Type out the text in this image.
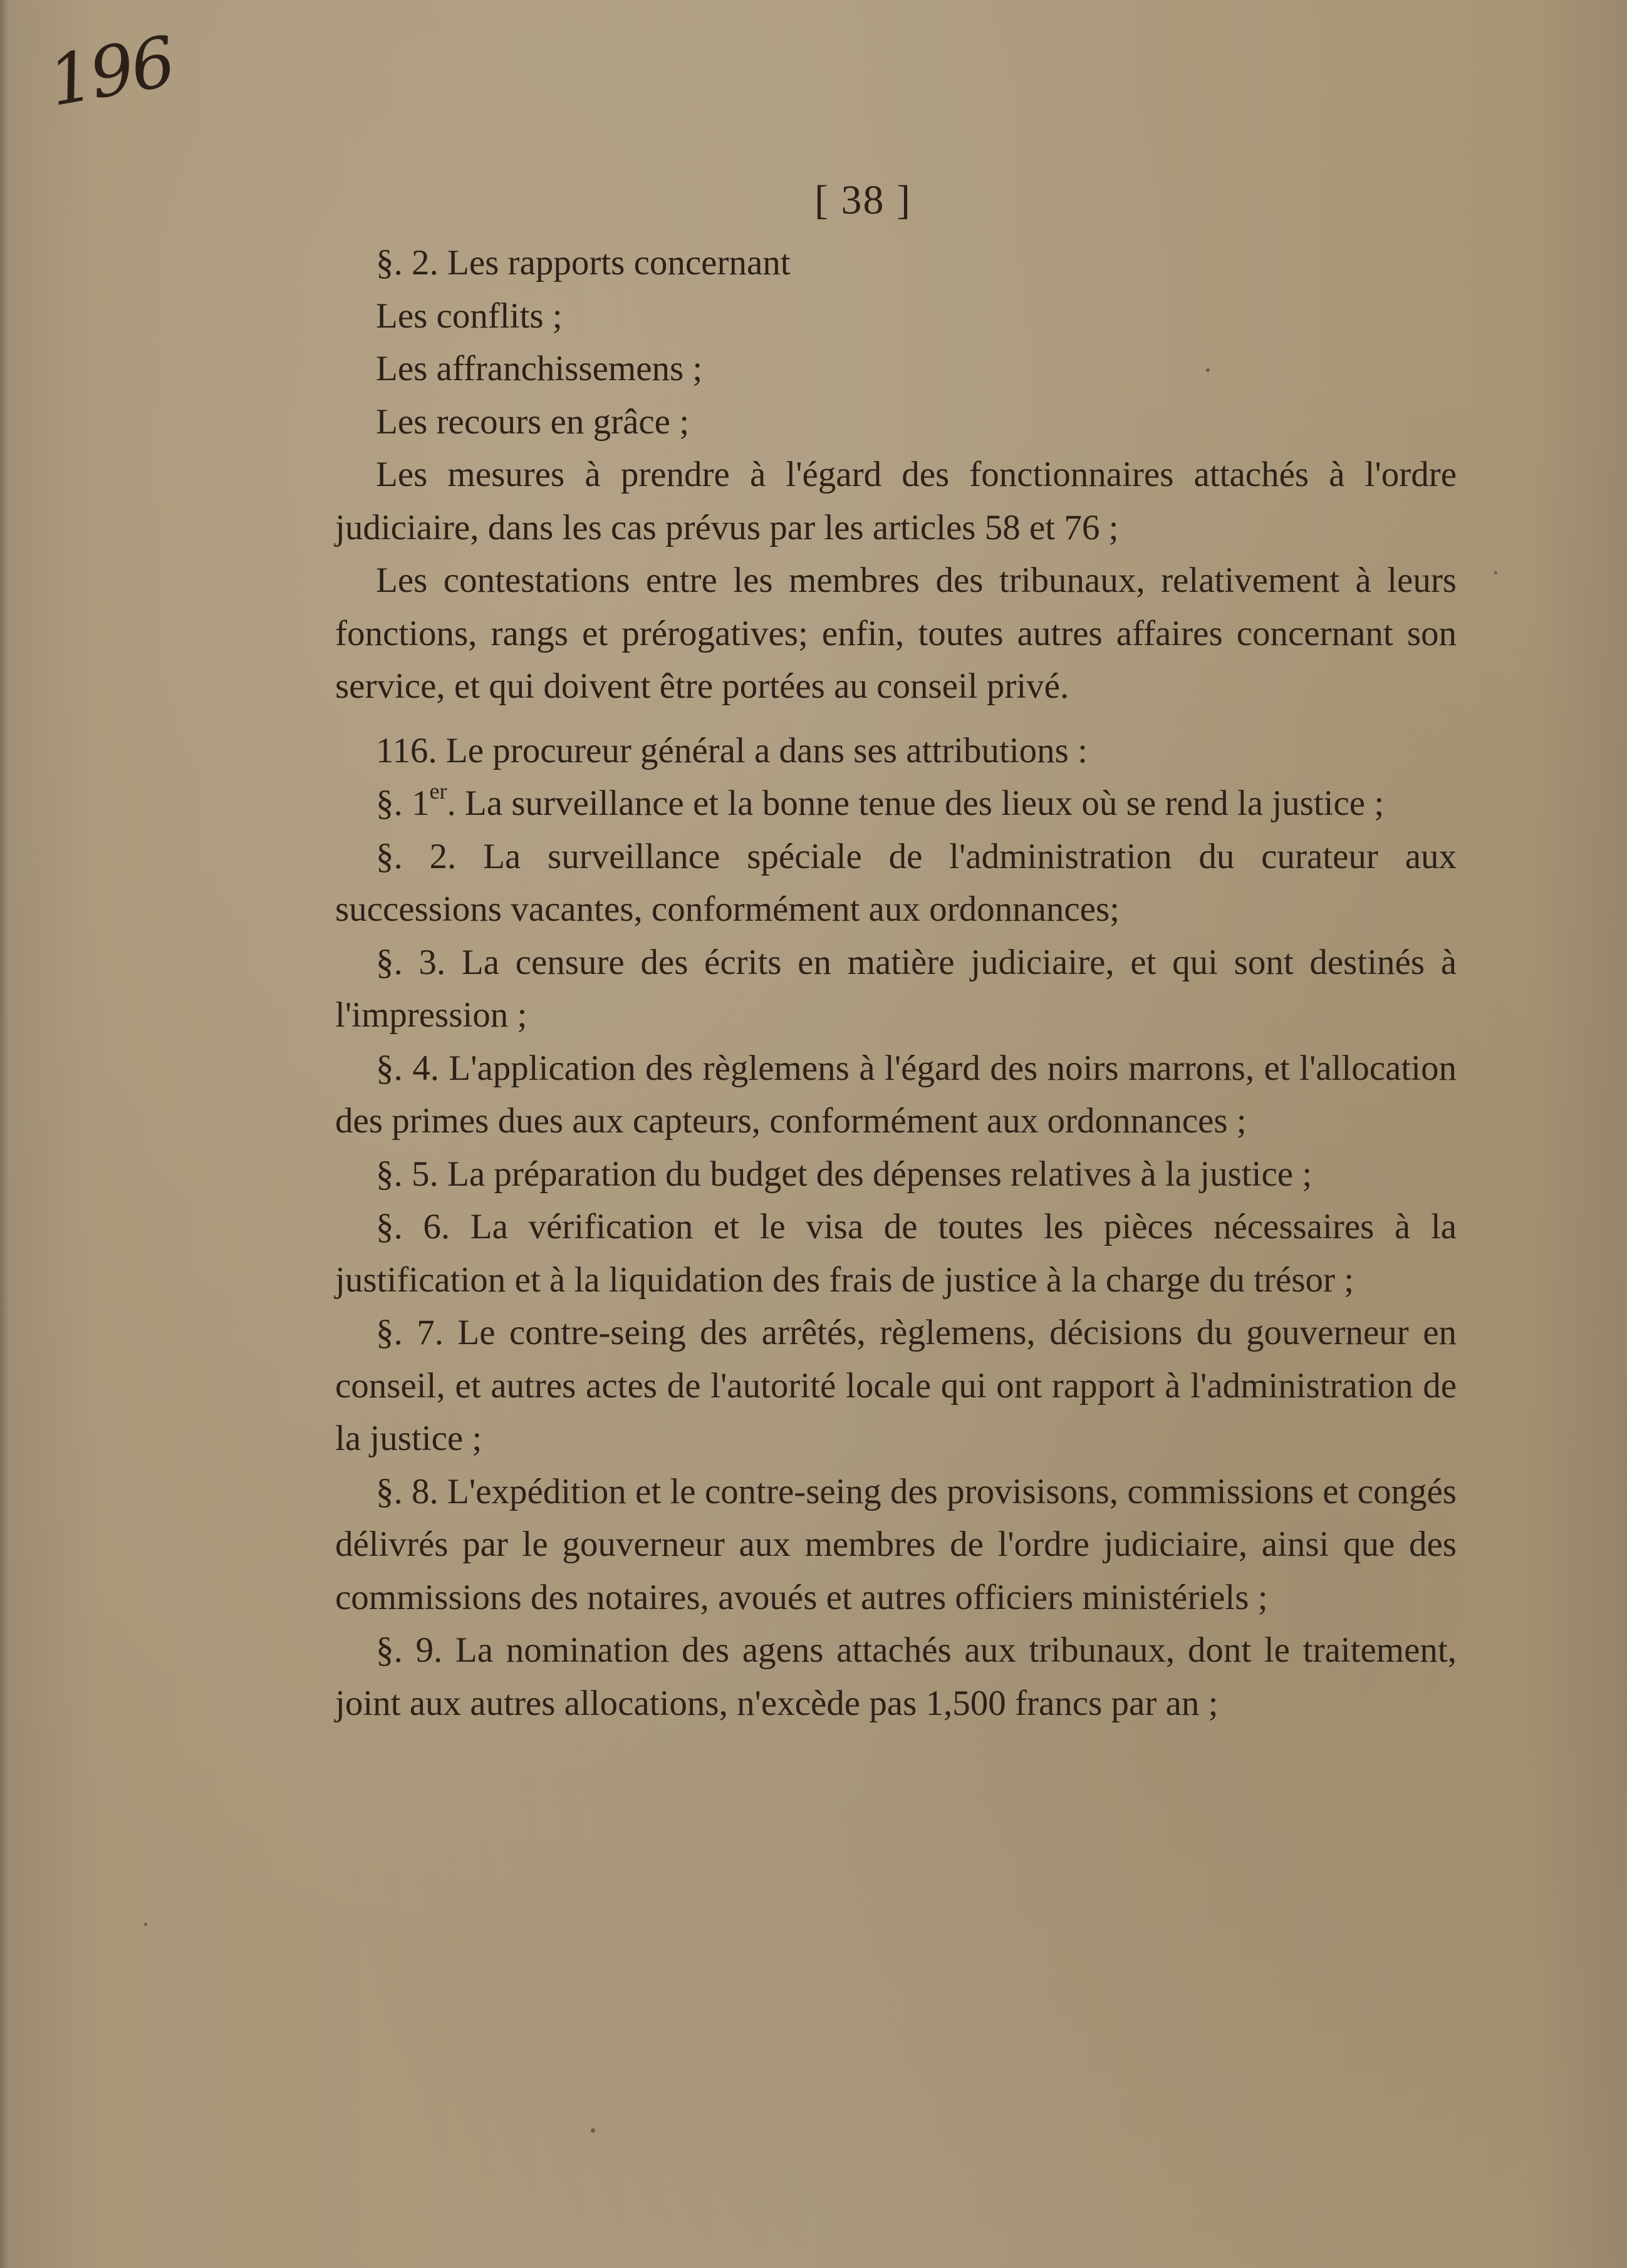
196
[ 38 ]

§. 2. Les rapports concernant

Les conflits ;

Les affranchissemens ;

Les recours en grâce ;

Les mesures à prendre à l'égard des fonctionnaires attachés à l'ordre judiciaire, dans les cas prévus par les articles 58 et 76 ;

Les contestations entre les membres des tribunaux, relativement à leurs fonctions, rangs et prérogatives; enfin, toutes autres affaires concernant son service, et qui doivent être portées au conseil privé.

116. Le procureur général a dans ses attributions :

§. 1er. La surveillance et la bonne tenue des lieux où se rend la justice ;

§. 2. La surveillance spéciale de l'administration du curateur aux successions vacantes, conformément aux ordonnances;

§. 3. La censure des écrits en matière judiciaire, et qui sont destinés à l'impression ;

§. 4. L'application des règlemens à l'égard des noirs marrons, et l'allocation des primes dues aux capteurs, conformément aux ordonnances ;

§. 5. La préparation du budget des dépenses relatives à la justice ;

§. 6. La vérification et le visa de toutes les pièces nécessaires à la justification et à la liquidation des frais de justice à la charge du trésor ;

§. 7. Le contre-seing des arrêtés, règlemens, décisions du gouverneur en conseil, et autres actes de l'autorité locale qui ont rapport à l'administration de la justice ;

§. 8. L'expédition et le contre-seing des provisisons, commissions et congés délivrés par le gouverneur aux membres de l'ordre judiciaire, ainsi que des commissions des notaires, avoués et autres officiers ministériels ;

§. 9. La nomination des agens attachés aux tribunaux, dont le traitement, joint aux autres allocations, n'excède pas 1,500 francs par an ;
